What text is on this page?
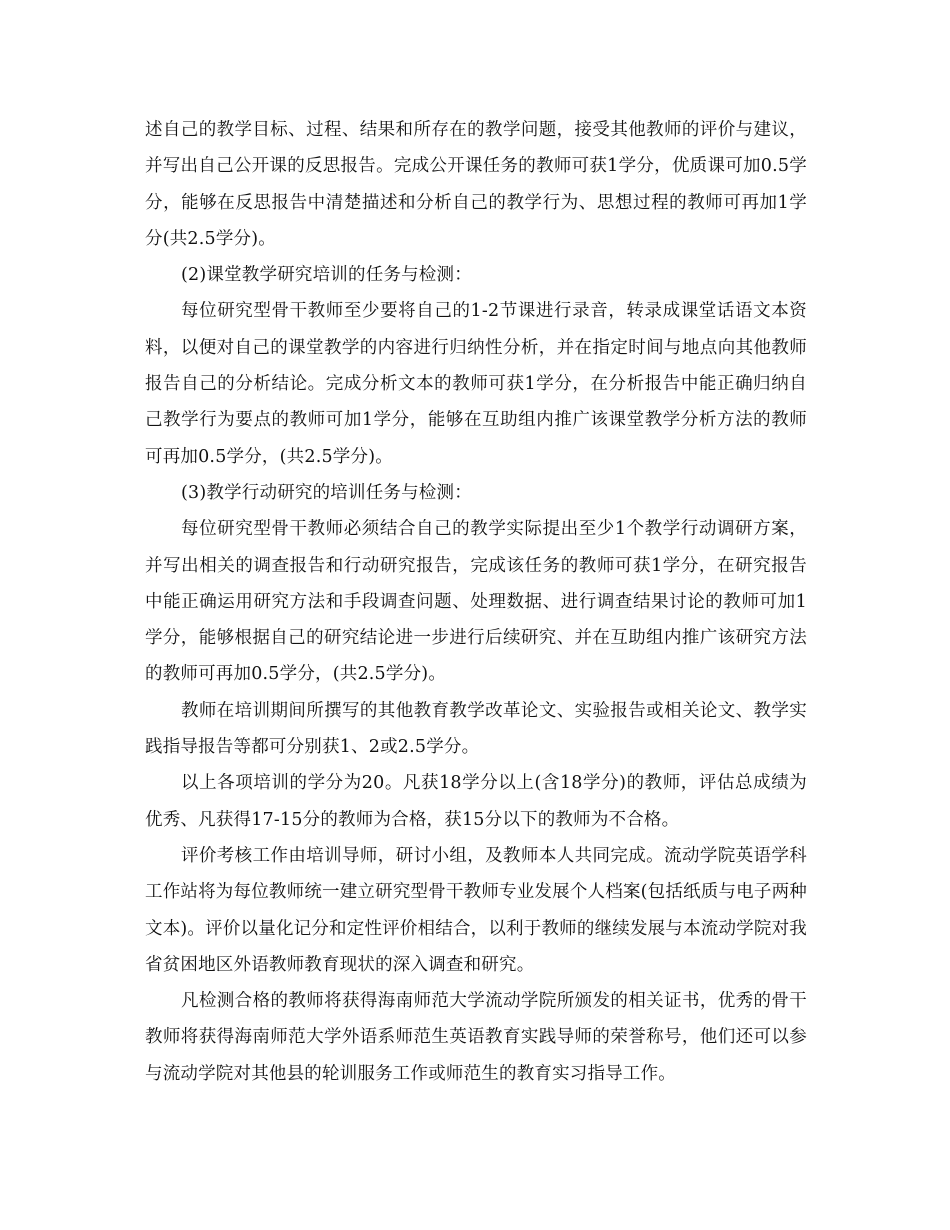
述自己的教学目标、过程、结果和所存在的教学问题，接受其他教师的评价与建议，并写出自己公开课的反思报告。完成公开课任务的教师可获1学分，优质课可加0.5学分，能够在反思报告中清楚描述和分析自己的教学行为、思想过程的教师可再加1学分(共2.5学分)。

(2)课堂教学研究培训的任务与检测：

每位研究型骨干教师至少要将自己的1-2节课进行录音，转录成课堂话语文本资料，以便对自己的课堂教学的内容进行归纳性分析，并在指定时间与地点向其他教师报告自己的分析结论。完成分析文本的教师可获1学分，在分析报告中能正确归纳自己教学行为要点的教师可加1学分，能够在互助组内推广该课堂教学分析方法的教师可再加0.5学分，(共2.5学分)。

(3)教学行动研究的培训任务与检测：

每位研究型骨干教师必须结合自己的教学实际提出至少1个教学行动调研方案，并写出相关的调查报告和行动研究报告，完成该任务的教师可获1学分，在研究报告中能正确运用研究方法和手段调查问题、处理数据、进行调查结果讨论的教师可加1学分，能够根据自己的研究结论进一步进行后续研究、并在互助组内推广该研究方法的教师可再加0.5学分，(共2.5学分)。

教师在培训期间所撰写的其他教育教学改革论文、实验报告或相关论文、教学实践指导报告等都可分别获1、2或2.5学分。

以上各项培训的学分为20。凡获18学分以上(含18学分)的教师，评估总成绩为优秀、凡获得17-15分的教师为合格，获15分以下的教师为不合格。

评价考核工作由培训导师，研讨小组，及教师本人共同完成。流动学院英语学科工作站将为每位教师统一建立研究型骨干教师专业发展个人档案(包括纸质与电子两种文本)。评价以量化记分和定性评价相结合，以利于教师的继续发展与本流动学院对我省贫困地区外语教师教育现状的深入调查和研究。

凡检测合格的教师将获得海南师范大学流动学院所颁发的相关证书，优秀的骨干教师将获得海南师范大学外语系师范生英语教育实践导师的荣誉称号，他们还可以参与流动学院对其他县的轮训服务工作或师范生的教育实习指导工作。
